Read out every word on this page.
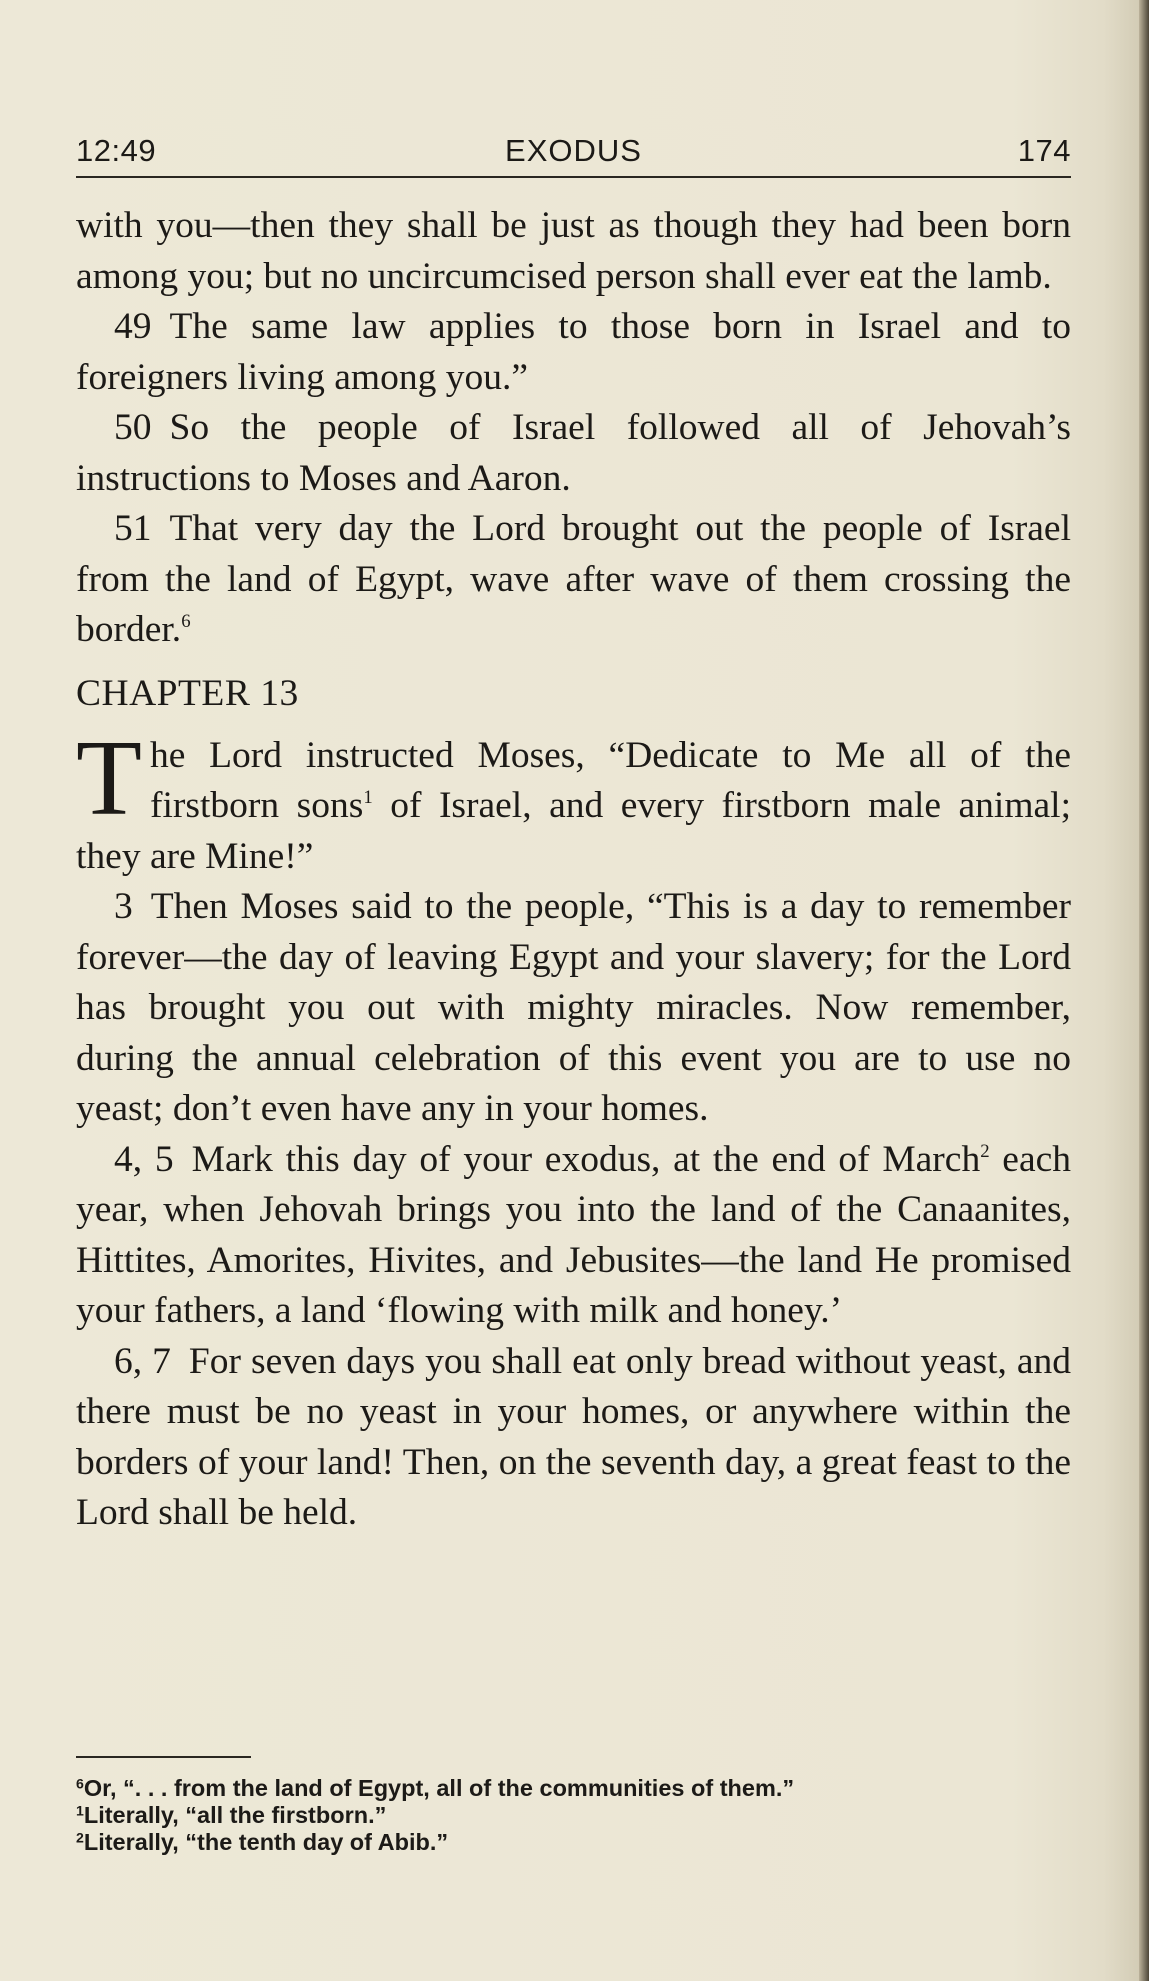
12:49	EXODUS	174

with you—then they shall be just as though they had been born among you; but no uncircumcised person shall ever eat the lamb.

49 The same law applies to those born in Israel and to foreigners living among you.”

50 So the people of Israel followed all of Jehovah’s instructions to Moses and Aaron.

51 That very day the Lord brought out the people of Israel from the land of Egypt, wave after wave of them crossing the border.$^6$

CHAPTER 13

The Lord instructed Moses, “Dedicate to Me all of the firstborn sons$^1$ of Israel, and every firstborn male animal; they are Mine!”

3 Then Moses said to the people, “This is a day to remember forever—the day of leaving Egypt and your slavery; for the Lord has brought you out with mighty miracles. Now remember, during the annual celebration of this event you are to use no yeast; don’t even have any in your homes.

4, 5 Mark this day of your exodus, at the end of March$^2$ each year, when Jehovah brings you into the land of the Canaanites, Hittites, Amorites, Hivites, and Jebusites—the land He promised your fathers, a land ‘flowing with milk and honey.’

6, 7 For seven days you shall eat only bread without yeast, and there must be no yeast in your homes, or anywhere within the borders of your land! Then, on the seventh day, a great feast to the Lord shall be held.

$^6$Or, “. . . from the land of Egypt, all of the communities of them.”
$^1$Literally, “all the firstborn.”
$^2$Literally, “the tenth day of Abib.”
